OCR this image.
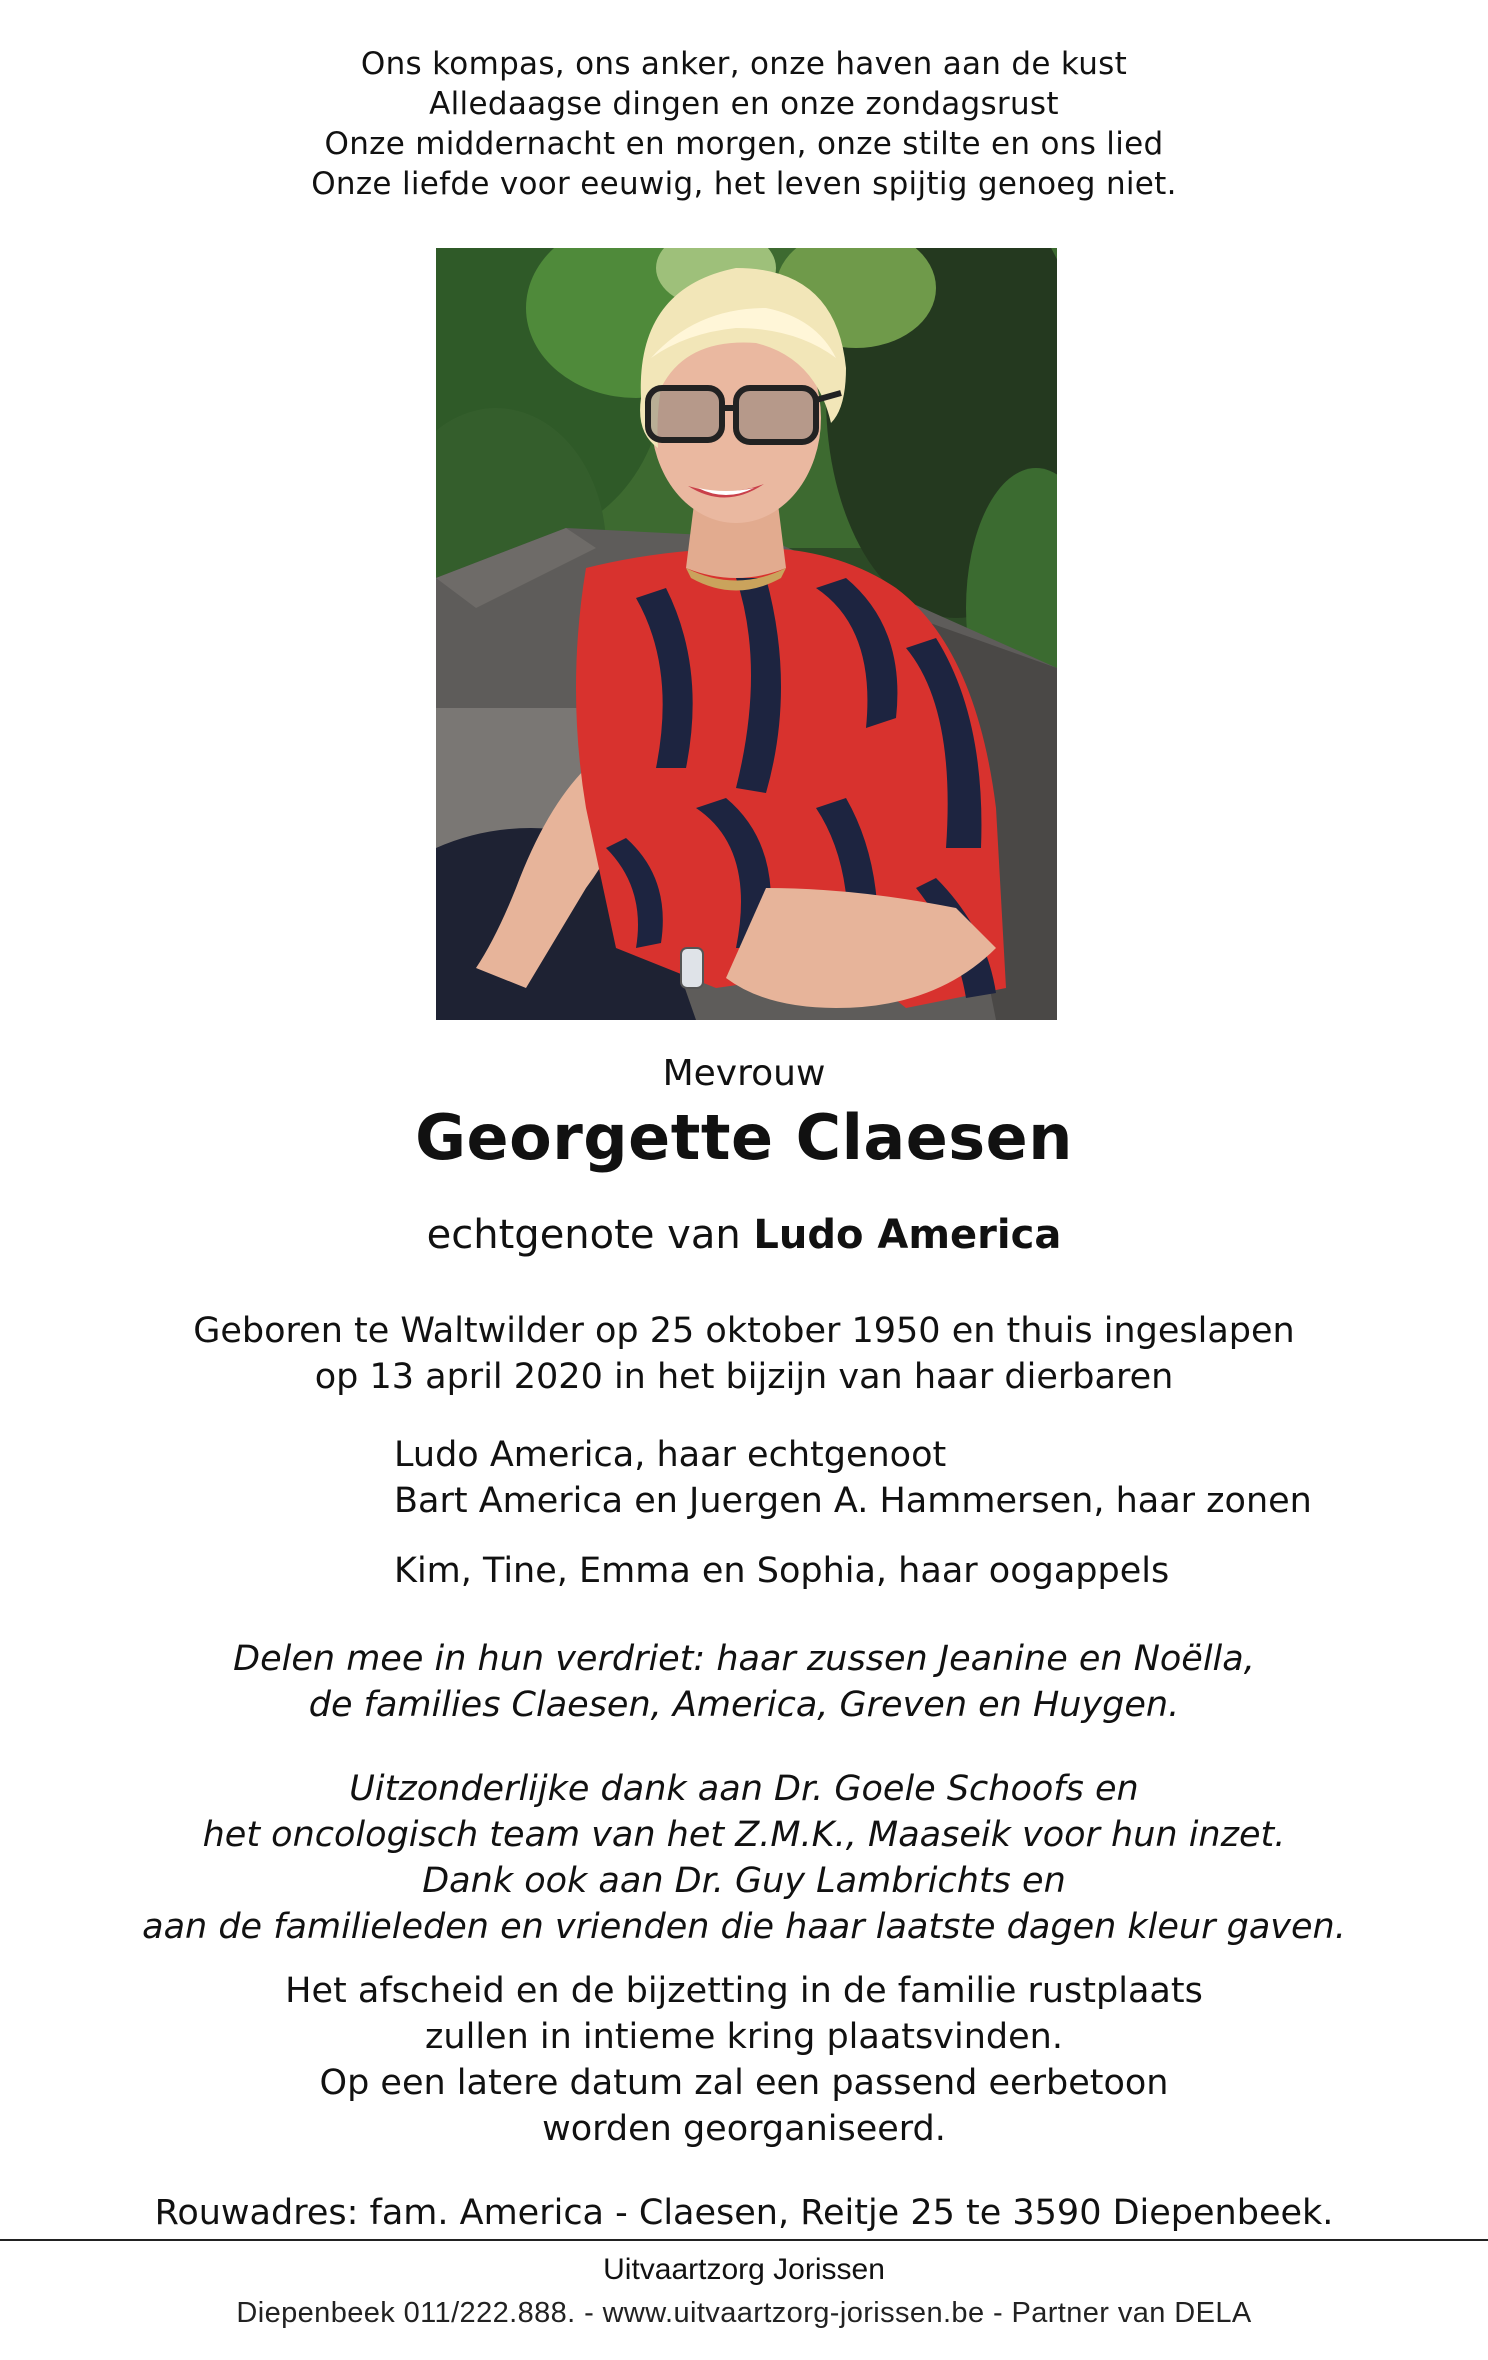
Ons kompas, ons anker, onze haven aan de kust
Alledaagse dingen en onze zondagsrust
Onze middernacht en morgen, onze stilte en ons lied
Onze liefde voor eeuwig, het leven spijtig genoeg niet.
Mevrouw
Georgette Claesen
echtgenote van Ludo America
Geboren te Waltwilder op 25 oktober 1950 en thuis ingeslapen
op 13 april 2020 in het bijzijn van haar dierbaren
Ludo America, haar echtgenoot
Bart America en Juergen A. Hammersen, haar zonen
Kim, Tine, Emma en Sophia, haar oogappels
Delen mee in hun verdriet: haar zussen Jeanine en Noëlla,
de families Claesen, America, Greven en Huygen.
Uitzonderlijke dank aan Dr. Goele Schoofs en
het oncologisch team van het Z.M.K., Maaseik voor hun inzet.
Dank ook aan Dr. Guy Lambrichts en
aan de familieleden en vrienden die haar laatste dagen kleur gaven.
Het afscheid en de bijzetting in de familie rustplaats
zullen in intieme kring plaatsvinden.
Op een latere datum zal een passend eerbetoon
worden georganiseerd.
Rouwadres: fam. America - Claesen, Reitje 25 te 3590 Diepenbeek.
Uitvaartzorg Jorissen
Diepenbeek 011/222.888. - www.uitvaartzorg-jorissen.be - Partner van DELA
